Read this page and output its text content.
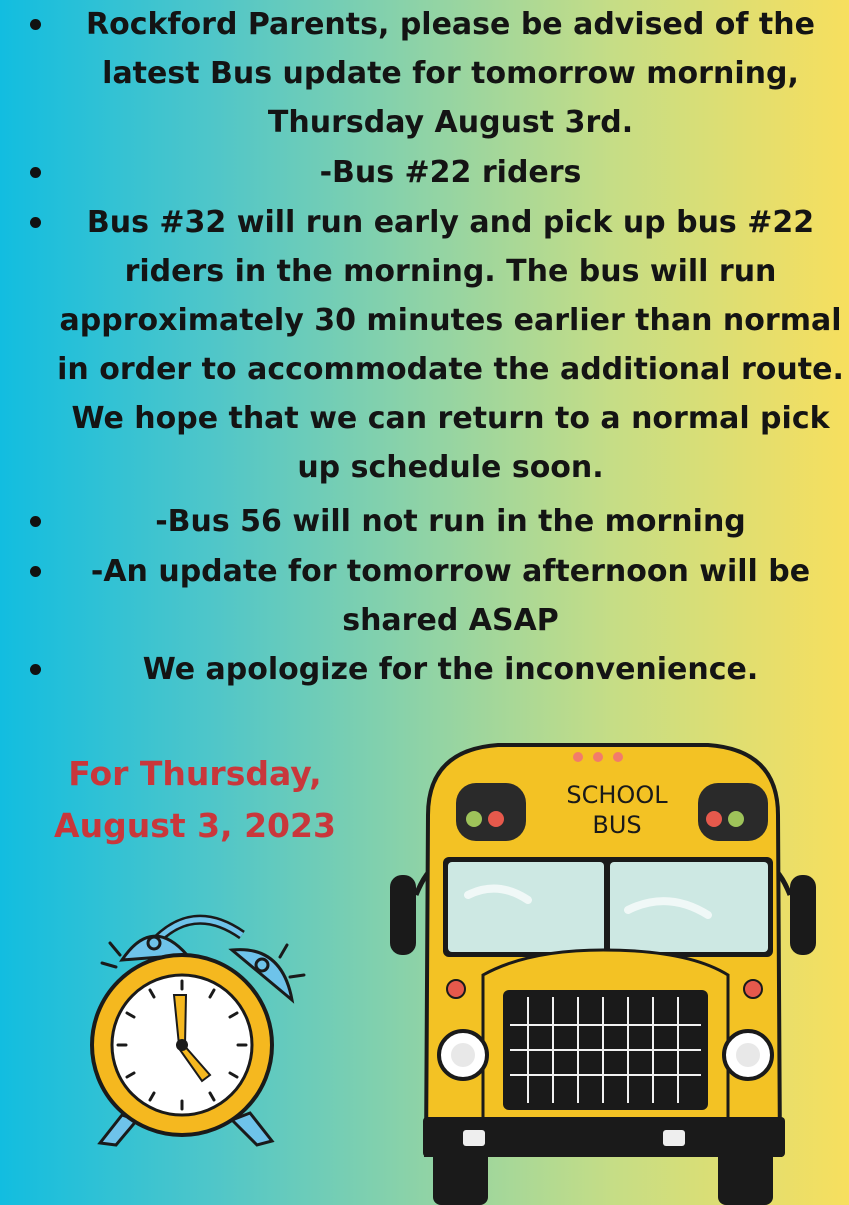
Rockford Parents, please be advised of the latest Bus update for tomorrow morning, Thursday August 3rd.
-Bus #22 riders
Bus #32 will run early and pick up bus #22 riders in the morning. The bus will run approximately 30 minutes earlier than normal in order to accommodate the additional route. We hope that we can return to a normal pick up schedule soon.
-Bus 56 will not run in the morning
-An update for tomorrow afternoon will be shared ASAP
We apologize for the inconvenience.
For Thursday,
August 3, 2023
SCHOOL
BUS
